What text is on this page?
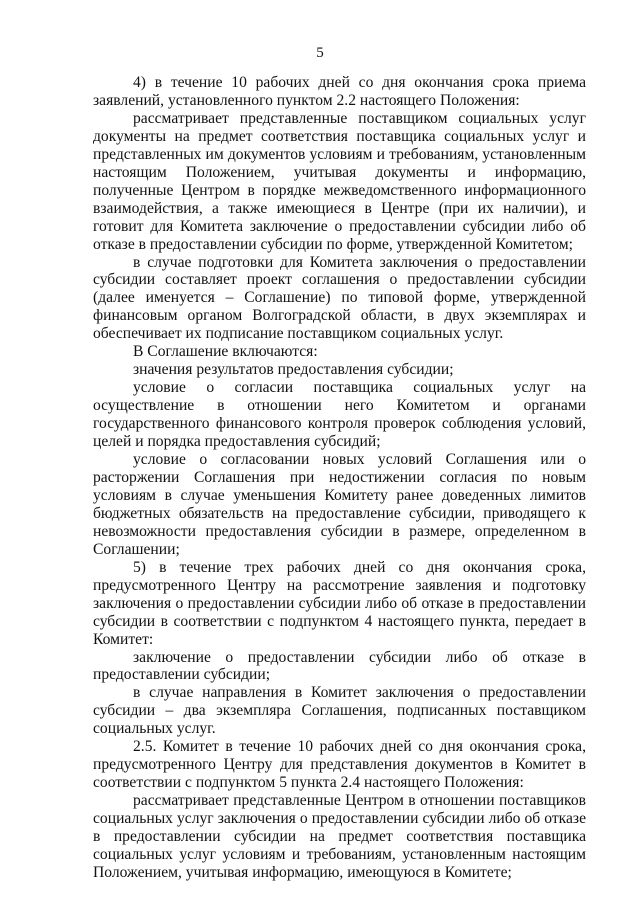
5

4) в течение 10 рабочих дней со дня окончания срока приема заявлений, установленного пунктом 2.2 настоящего Положения:

рассматривает представленные поставщиком социальных услуг документы на предмет соответствия поставщика социальных услуг и представленных им документов условиям и требованиям, установленным настоящим Положением, учитывая документы и информацию, полученные Центром в порядке межведомственного информационного взаимодействия, а также имеющиеся в Центре (при их наличии), и готовит для Комитета заключение о предоставлении субсидии либо об отказе в предоставлении субсидии по форме, утвержденной Комитетом;

в случае подготовки для Комитета заключения о предоставлении субсидии составляет проект соглашения о предоставлении субсидии (далее именуется – Соглашение) по типовой форме, утвержденной финансовым органом Волгоградской области, в двух экземплярах и обеспечивает их подписание поставщиком социальных услуг.

В Соглашение включаются:

значения результатов предоставления субсидии;

условие о согласии поставщика социальных услуг на осуществление в отношении него Комитетом и органами государственного финансового контроля проверок соблюдения условий, целей и порядка предоставления субсидий;

условие о согласовании новых условий Соглашения или о расторжении Соглашения при недостижении согласия по новым условиям в случае уменьшения Комитету ранее доведенных лимитов бюджетных обязательств на предоставление субсидии, приводящего к невозможности предоставления субсидии в размере, определенном в Соглашении;

5) в течение трех рабочих дней со дня окончания срока, предусмотренного Центру на рассмотрение заявления и подготовку заключения о предоставлении субсидии либо об отказе в предоставлении субсидии в соответствии с подпунктом 4 настоящего пункта, передает в Комитет:

заключение о предоставлении субсидии либо об отказе в предоставлении субсидии;

в случае направления в Комитет заключения о предоставлении субсидии – два экземпляра Соглашения, подписанных поставщиком социальных услуг.

2.5. Комитет в течение 10 рабочих дней со дня окончания срока, предусмотренного Центру для представления документов в Комитет в соответствии с подпунктом 5 пункта 2.4 настоящего Положения:

рассматривает представленные Центром в отношении поставщиков социальных услуг заключения о предоставлении субсидии либо об отказе в предоставлении субсидии на предмет соответствия поставщика социальных услуг условиям и требованиям, установленным настоящим Положением, учитывая информацию, имеющуюся в Комитете;
